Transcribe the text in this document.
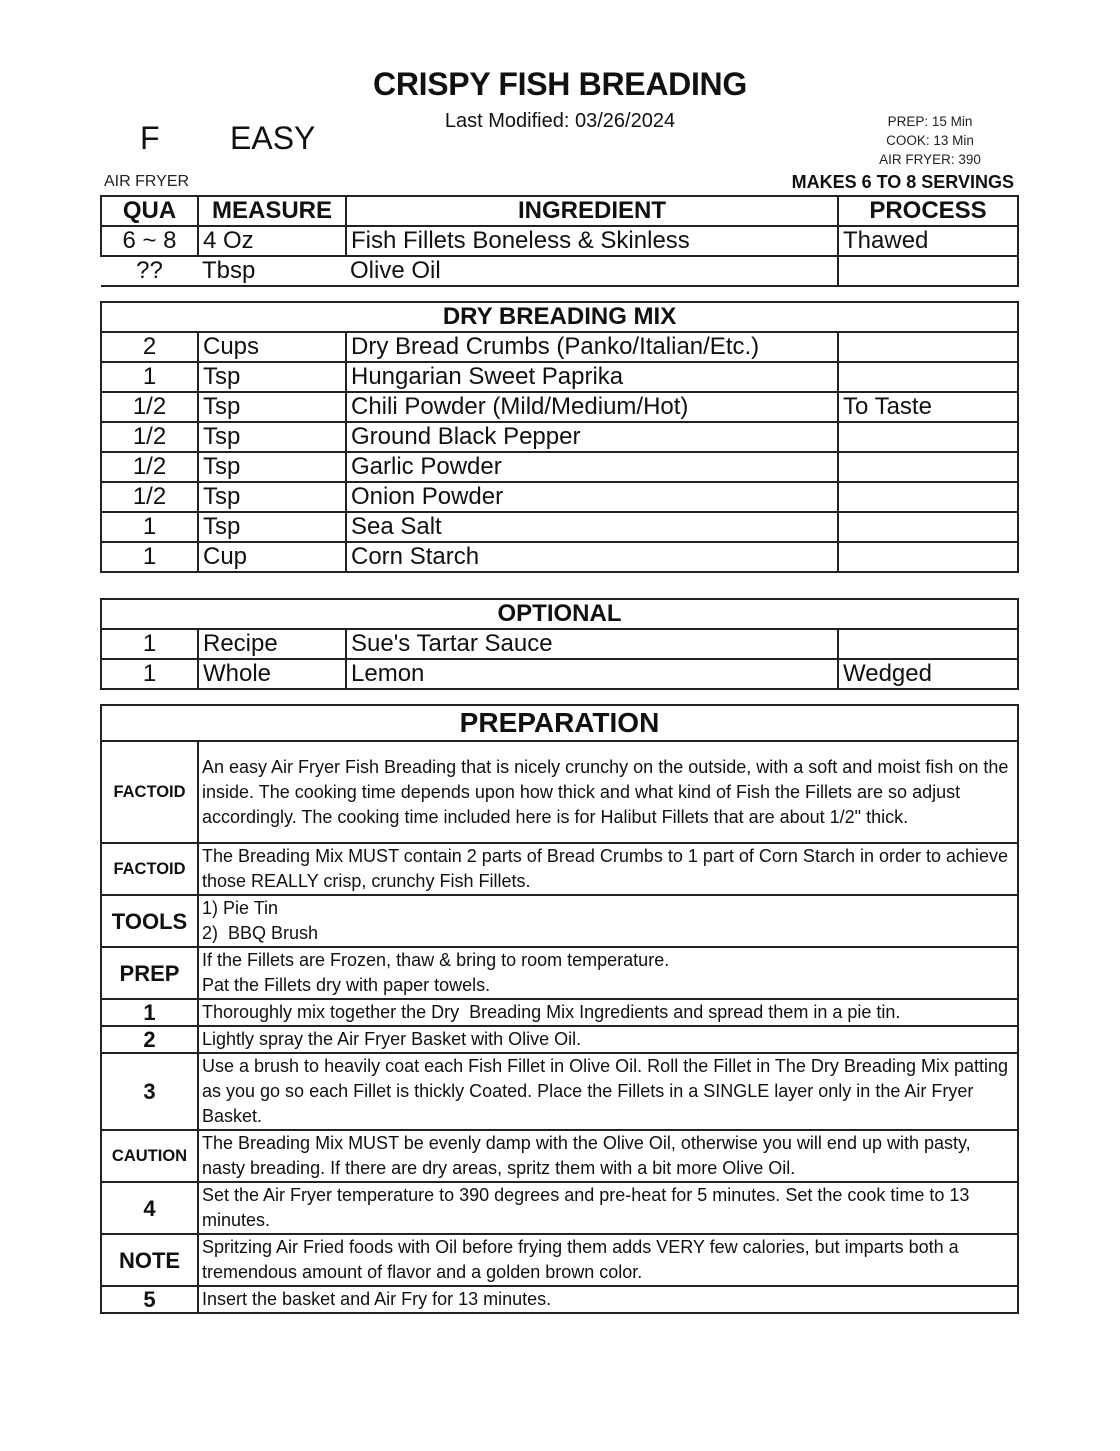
CRISPY FISH BREADING
Last Modified: 03/26/2024
F EASY	PREP: 15 Min
COOK: 13 Min
AIR FRYER: 390
AIR FRYER	MAKES 6 TO 8 SERVINGS
QUA	MEASURE	INGREDIENT	PROCESS
6 ~ 8	4 Oz	Fish Fillets Boneless & Skinless	Thawed
??	Tbsp	Olive Oil	
DRY BREADING MIX			
2	Cups	Dry Bread Crumbs (Panko/Italian/Etc.)	
1	Tsp	Hungarian Sweet Paprika	
1/2	Tsp	Chili Powder (Mild/Medium/Hot)	To Taste
1/2	Tsp	Ground Black Pepper	
1/2	Tsp	Garlic Powder	
1/2	Tsp	Onion Powder	
1	Tsp	Sea Salt	
1	Cup	Corn Starch	
OPTIONAL			
1	Recipe	Sue's Tartar Sauce	
1	Whole	Lemon	Wedged
PREPARATION	
FACTOID	An easy Air Fryer Fish Breading that is nicely crunchy on the outside, with a soft and moist fish on the inside. The cooking time depends upon how thick and what kind of Fish the Fillets are so adjust accordingly. The cooking time included here is for Halibut Fillets that are about 1/2" thick.
FACTOID	The Breading Mix MUST contain 2 parts of Bread Crumbs to 1 part of Corn Starch in order to achieve those REALLY crisp, crunchy Fish Fillets.
TOOLS	1) Pie Tin
2)  BBQ Brush

PREP	If the Fillets are Frozen, thaw & bring to room temperature.
Pat the Fillets dry with paper towels.

1	Thoroughly mix together the Dry  Breading Mix Ingredients and spread them in a pie tin.
2	Lightly spray the Air Fryer Basket with Olive Oil.
3	Use a brush to heavily coat each Fish Fillet in Olive Oil. Roll the Fillet in The Dry Breading Mix patting as you go so each Fillet is thickly Coated. Place the Fillets in a SINGLE layer only in the Air Fryer Basket.
CAUTION	The Breading Mix MUST be evenly damp with the Olive Oil, otherwise you will end up with pasty, nasty breading. If there are dry areas, spritz them with a bit more Olive Oil.
4	Set the Air Fryer temperature to 390 degrees and pre-heat for 5 minutes. Set the cook time to 13 minutes.
NOTE	Spritzing Air Fried foods with Oil before frying them adds VERY few calories, but imparts both a tremendous amount of flavor and a golden brown color.
5	Insert the basket and Air Fry for 13 minutes.
